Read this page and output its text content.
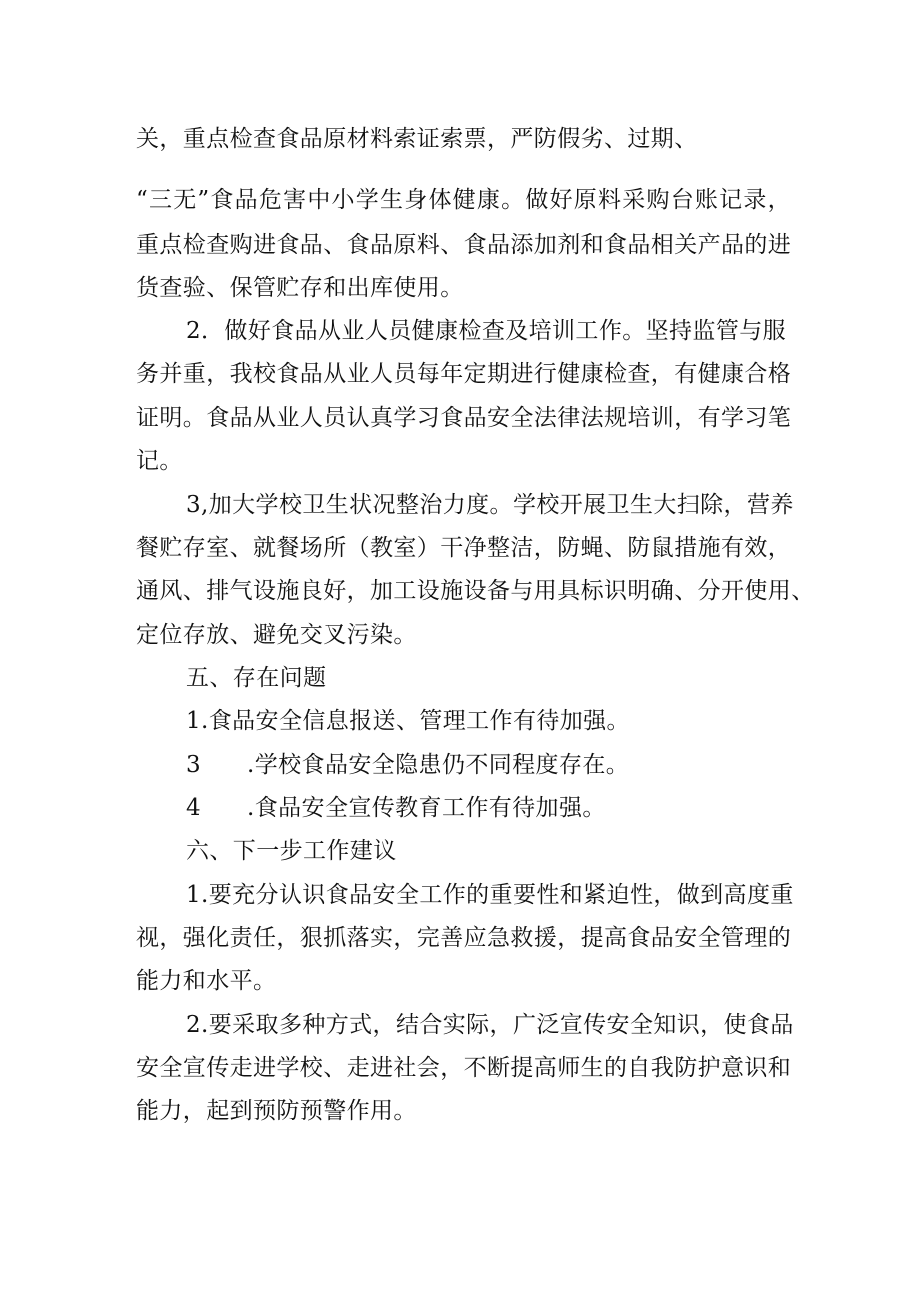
关，重点检查食品原材料索证索票，严防假劣、过期、
“三无”食品危害中小学生身体健康。做好原料采购台账记录，
重点检查购进食品、食品原料、食品添加剂和食品相关产品的进
货查验、保管贮存和出库使用。
2．做好食品从业人员健康检查及培训工作。坚持监管与服
务并重，我校食品从业人员每年定期进行健康检查，有健康合格
证明。食品从业人员认真学习食品安全法律法规培训，有学习笔
记。
3,加大学校卫生状况整治力度。学校开展卫生大扫除，营养
餐贮存室、就餐场所（教室）干净整洁，防蝇、防鼠措施有效，
通风、排气设施良好，加工设施设备与用具标识明确、分开使用、
定位存放、避免交叉污染。
五、存在问题
1.食品安全信息报送、管理工作有待加强。
3 .学校食品安全隐患仍不同程度存在。
4 .食品安全宣传教育工作有待加强。
六、下一步工作建议
1.要充分认识食品安全工作的重要性和紧迫性，做到高度重
视，强化责任，狠抓落实，完善应急救援，提高食品安全管理的
能力和水平。
2.要采取多种方式，结合实际，广泛宣传安全知识，使食品
安全宣传走进学校、走进社会，不断提高师生的自我防护意识和
能力，起到预防预警作用。
